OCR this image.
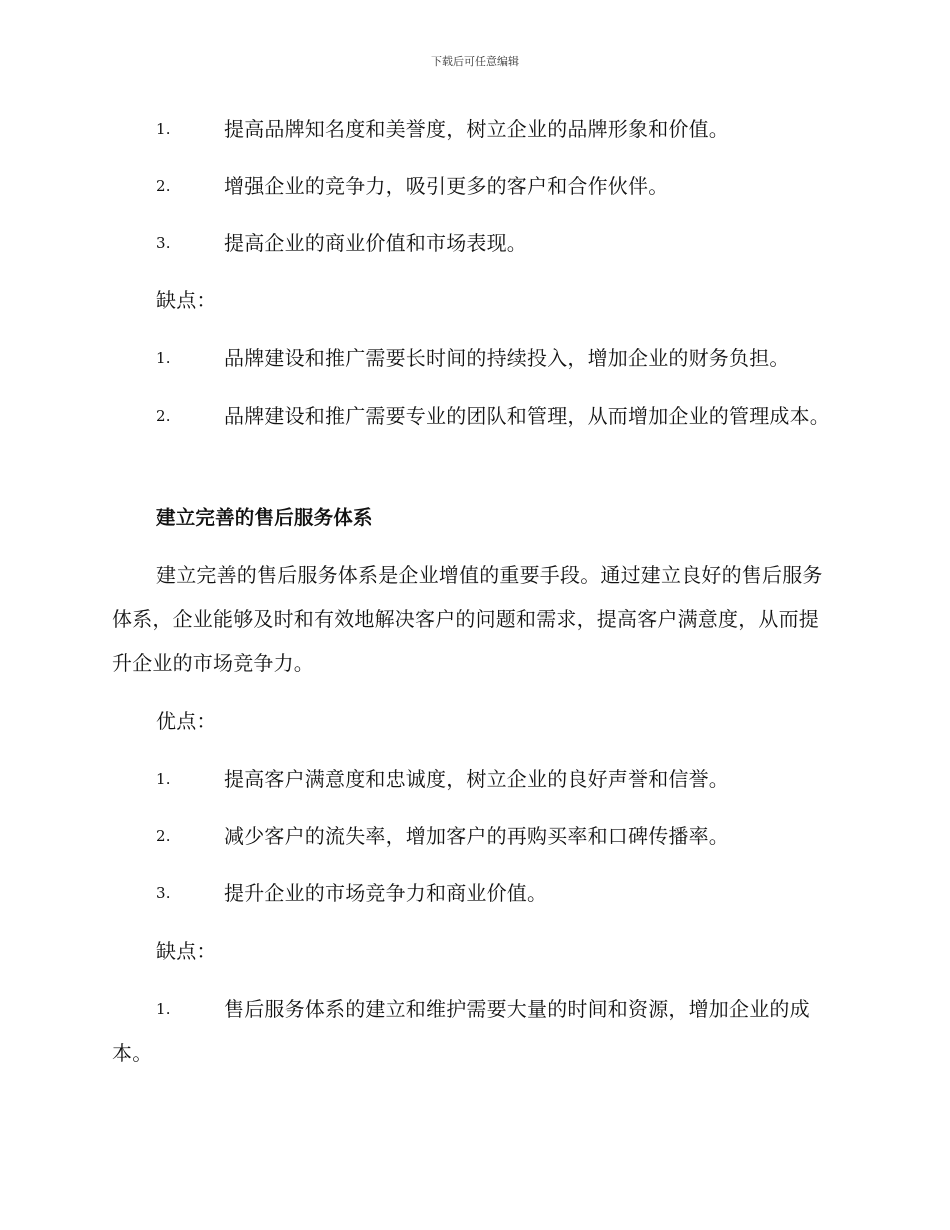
下载后可任意编辑
1.	提高品牌知名度和美誉度，树立企业的品牌形象和价值。
2.	增强企业的竞争力，吸引更多的客户和合作伙伴。
3.	提高企业的商业价值和市场表现。
缺点：
1.	品牌建设和推广需要长时间的持续投入，增加企业的财务负担。
2.	品牌建设和推广需要专业的团队和管理，从而增加企业的管理成本。
建立完善的售后服务体系
建立完善的售后服务体系是企业增值的重要手段。通过建立良好的售后服务体系，企业能够及时和有效地解决客户的问题和需求，提高客户满意度，从而提升企业的市场竞争力。
优点：
1.	提高客户满意度和忠诚度，树立企业的良好声誉和信誉。
2.	减少客户的流失率，增加客户的再购买率和口碑传播率。
3.	提升企业的市场竞争力和商业价值。
缺点：
1.	售后服务体系的建立和维护需要大量的时间和资源，增加企业的成本。
